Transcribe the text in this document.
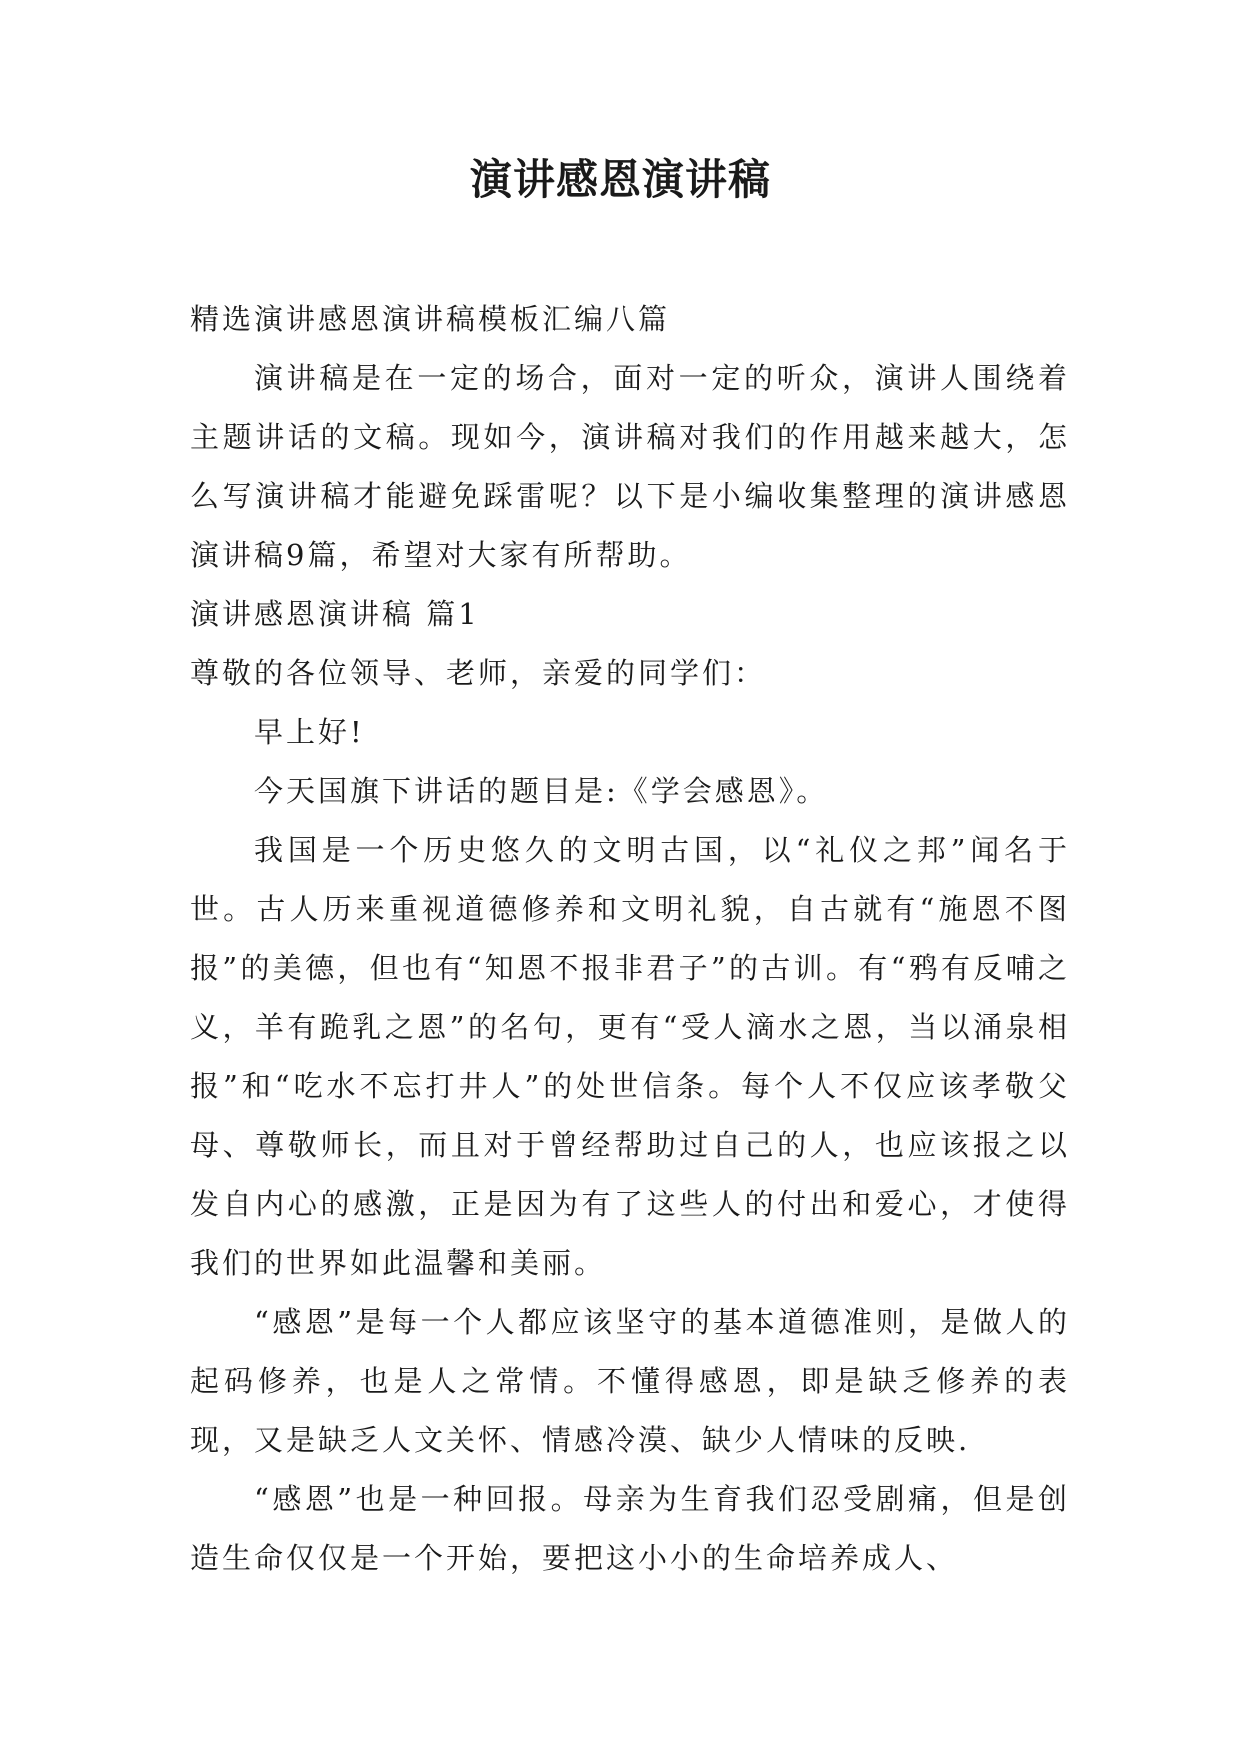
演讲感恩演讲稿

精选演讲感恩演讲稿模板汇编八篇

演讲稿是在一定的场合，面对一定的听众，演讲人围绕着主题讲话的文稿。现如今，演讲稿对我们的作用越来越大，怎么写演讲稿才能避免踩雷呢？以下是小编收集整理的演讲感恩演讲稿9篇，希望对大家有所帮助。

演讲感恩演讲稿 篇1

尊敬的各位领导、老师，亲爱的同学们：

早上好!

今天国旗下讲话的题目是:《学会感恩》。

我国是一个历史悠久的文明古国，以“礼仪之邦”闻名于世。古人历来重视道德修养和文明礼貌，自古就有“施恩不图报”的美德，但也有“知恩不报非君子”的古训。有“鸦有反哺之义，羊有跪乳之恩”的名句，更有“受人滴水之恩，当以涌泉相报”和“吃水不忘打井人”的处世信条。每个人不仅应该孝敬父母、尊敬师长，而且对于曾经帮助过自己的人，也应该报之以发自内心的感激，正是因为有了这些人的付出和爱心，才使得我们的世界如此温馨和美丽。

“感恩”是每一个人都应该坚守的基本道德准则，是做人的起码修养，也是人之常情。不懂得感恩，即是缺乏修养的表现，又是缺乏人文关怀、情感冷漠、缺少人情味的反映.

“感恩”也是一种回报。母亲为生育我们忍受剧痛，但是创造生命仅仅是一个开始，要把这小小的生命培养成人、
